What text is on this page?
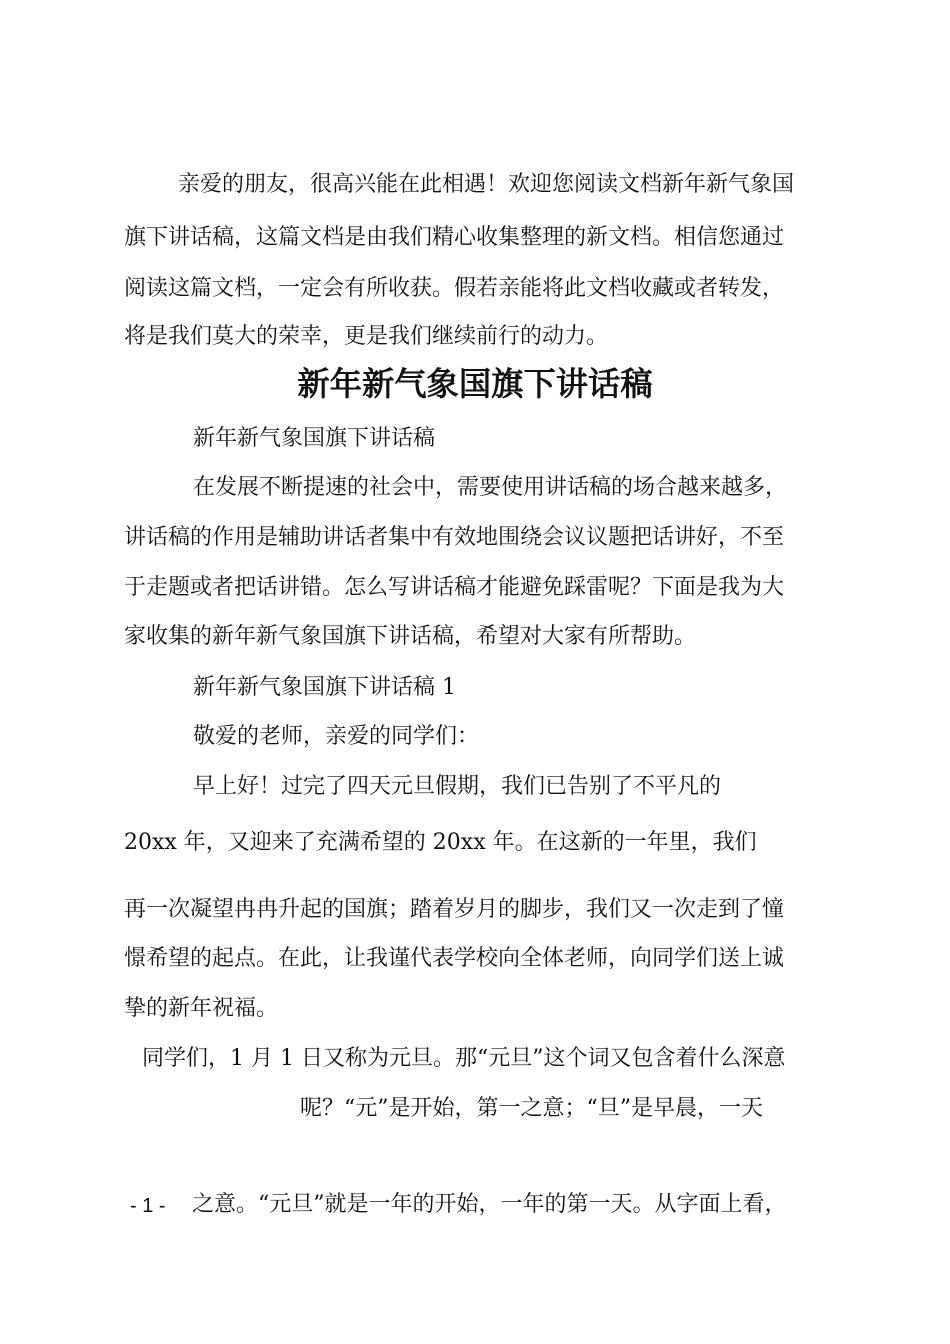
亲爱的朋友，很高兴能在此相遇！欢迎您阅读文档新年新气象国

旗下讲话稿，这篇文档是由我们精心收集整理的新文档。相信您通过

阅读这篇文档，一定会有所收获。假若亲能将此文档收藏或者转发，

将是我们莫大的荣幸，更是我们继续前行的动力。

新年新气象国旗下讲话稿

新年新气象国旗下讲话稿

在发展不断提速的社会中，需要使用讲话稿的场合越来越多，

讲话稿的作用是辅助讲话者集中有效地围绕会议议题把话讲好，不至

于走题或者把话讲错。怎么写讲话稿才能避免踩雷呢？下面是我为大

家收集的新年新气象国旗下讲话稿，希望对大家有所帮助。

新年新气象国旗下讲话稿 1

敬爱的老师，亲爱的同学们：

早上好！过完了四天元旦假期，我们已告别了不平凡的

20xx 年，又迎来了充满希望的 20xx 年。在这新的一年里，我们

再一次凝望冉冉升起的国旗；踏着岁月的脚步，我们又一次走到了憧

憬希望的起点。在此，让我谨代表学校向全体老师，向同学们送上诚

挚的新年祝福。

同学们，1 月 1 日又称为元旦。那“元旦”这个词又包含着什么深意

呢？“元”是开始，第一之意；“旦”是早晨，一天

- 1 - 之意。“元旦”就是一年的开始，一年的第一天。从字面上看，
